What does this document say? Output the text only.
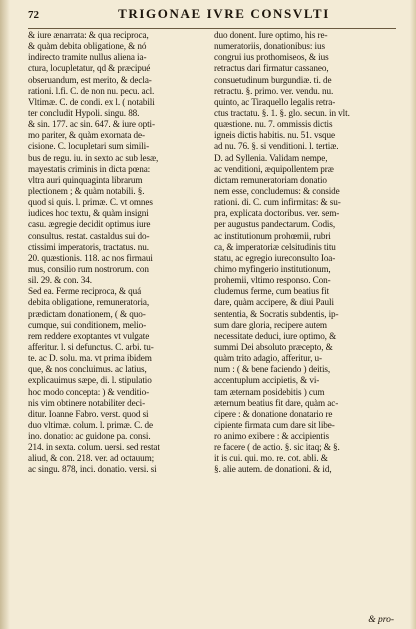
72	TRIGONAE IVRE CONSVLTI
& iure ænarrata: & qua reciproca,
& quàm debita obligatione, & nó
indirecto tramite nullus aliena ia-
ctura, locupletatur, qd & præcipué
obseruandum, est merito, & decla-
rationi. l.fi. C. de non nu. pecu. acl.
Vltimæ. C. de condi. ex l. ( notabili
ter concludit Hypoli. singu. 88.
& sin. 177. ac sin. 647. & iure opti-
mo pariter, & quàm exornata de-
cisione. C. locupletari sum simili-
bus de regu. iu. in sexto ac sub lesæ,
mayestatis criminis in dicta pœna:
vltra auri quinquaginta librarum
plectionem ; & quàm notabili. §.
quod si quis. l. primæ. C. vt omnes
iudices hoc textu, & quàm insigni
casu. ægregie decidit optimus iure
consultus. restat. castaldus sui do-
ctissimi imperatoris, tractatus. nu.
20. quæstionis. 118. ac nos firmaui
mus, consilio rum nostrorum. con
sil. 29. & con. 34.
Sed ea. Ferme reciproca, & quá
debita obligatione, remuneratoria,
prædictam donationem, ( & quo-
cumque, sui conditionem, melio-
rem reddere exoptantes vt vulgate
afferitur. l. si defunctus. C. arbi. tu-
te. ac D. solu. ma. vt prima ibidem
que, & nos concluimus. ac latius,
explicauimus sæpe, di. l. stipulatio
hoc modo concepta: ) & venditio-
nis vim obtinere notabiliter deci-
ditur. Ioanne Fabro. verst. quod si
duo vltimæ. colum. l. primæ. C. de
ino. donatio: ac guidone pa. consi.
214. in sexta. colum. uersi. sed restat
aliud, & con. 218. ver. ad octauum;
ac singu. 878, inci. donatio. versi. si
duo donent. Iure optimo, his re-
numeratoriis, donationibus: ius
congrui ius prothomiseos, & ius
retractus dari firmatur cassaneo,
consuetudinum burgundiæ. ti. de
retractu. §. primo. ver. vendu. nu.
quinto, ac Tiraquello legalis retra-
ctus tractatu. §. 1. §. glo. secun. in vlt.
quæstione. nu. 7. ommissis dictis
igneis dictis habitis. nu. 51. vsque
ad nu. 76. §. si venditioni. l. tertiæ.
D. ad Syllenia. Validam nempe,
ac venditioni, æquipollentem præ
dictam remuneratoriam donatio
nem esse, concludemus: & conside
rationi. di. C. cum infirmitas: & su-
pra, explicata doctoribus. ver. sem-
per augustus pandectarum. Codis,
ac institutionum prohœmii, rubri
ca, & imperatoriæ celsitudinis titu
statu, ac egregio iureconsulto Ioa-
chimo myfingerio institutionum,
prohemii, vltimo responso. Con-
cludemus ferme, cum beatius fit
dare, quàm accipere, & diui Pauli
sententia, & Socratis subdentis, ip-
sum dare gloria, recipere autem
necessitate deduci, iure optimo, &
summi Dei absoluto præcepto, &
quàm trito adagio, afferitur, u-
num : ( & bene faciendo ) deitis,
accentuplum accipietis, & vi-
tam æternam posidebitis ) cum
æternum beatius fit dare, quàm ac-
cipere : & donatione donatario re
cipiente firmata cum dare sit libe-
ro animo exibere : & accipientis
re facere ( de actio. §. sic itaq; & §.
it is cui. qui. mo. re. cot. abli. &
§. alie autem. de donationi. & id,
& pro-
